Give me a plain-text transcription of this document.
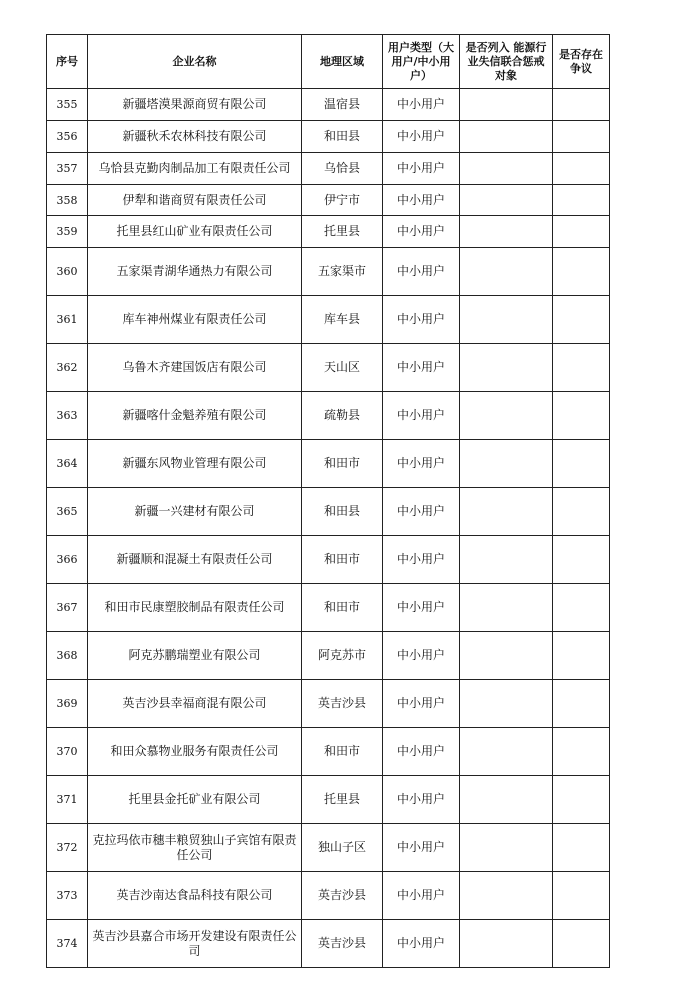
序号	企业名称	地理区域	用户类型（大用户/中小用户）	是否列入 能源行业失信联合惩戒对象	是否存在争议
355	新疆塔漠果源商贸有限公司	温宿县	中小用户		
356	新疆秋禾农林科技有限公司	和田县	中小用户		
357	乌恰县克勤肉制品加工有限责任公司	乌恰县	中小用户		
358	伊犁和谐商贸有限责任公司	伊宁市	中小用户		
359	托里县红山矿业有限责任公司	托里县	中小用户		
360	五家渠青湖华通热力有限公司	五家渠市	中小用户		
361	库车神州煤业有限责任公司	库车县	中小用户		
362	乌鲁木齐建国饭店有限公司	天山区	中小用户		
363	新疆喀什金魁养殖有限公司	疏勒县	中小用户		
364	新疆东风物业管理有限公司	和田市	中小用户		
365	新疆一兴建材有限公司	和田县	中小用户		
366	新疆顺和混凝土有限责任公司	和田市	中小用户		
367	和田市民康塑胶制品有限责任公司	和田市	中小用户		
368	阿克苏鹏瑞塑业有限公司	阿克苏市	中小用户		
369	英吉沙县幸福商混有限公司	英吉沙县	中小用户		
370	和田众慕物业服务有限责任公司	和田市	中小用户		
371	托里县金托矿业有限公司	托里县	中小用户		
372	克拉玛依市穗丰粮贸独山子宾馆有限责任公司	独山子区	中小用户		
373	英吉沙南达食品科技有限公司	英吉沙县	中小用户		
374	英吉沙县嘉合市场开发建设有限责任公司	英吉沙县	中小用户		
